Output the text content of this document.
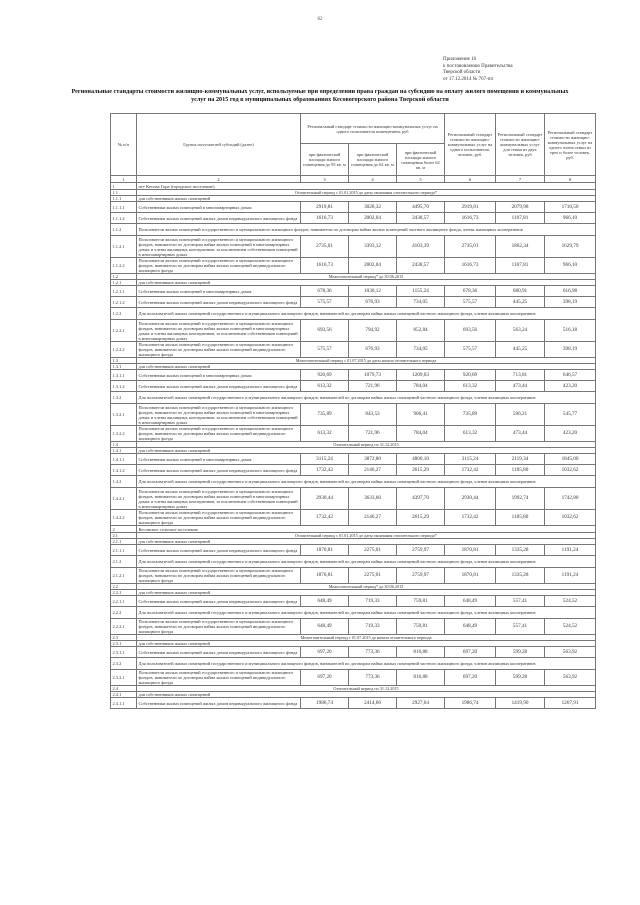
62
Приложение 16
к постановлению Правительства
Тверской области
от 17.12.2014 № 767-пп
Региональные стандарты стоимости жилищно-коммунальных услуг, используемые при определении права граждан на субсидию на оплату жилого помещения и коммунальных услуг на 2015 год в муниципальных образованиях Кесовогорского района Тверской области
№ п/п	Группа получателей субсидий (далее)	Региональный стандарт стоимости жилищно-коммунальных услуг на одного пользователя помещением, руб			Региональный стандарт стоимости жилищно-коммунальных услуг на одного пользователя, человек, руб.	Региональный стандарт стоимости жилищно-коммунальных услуг для семьи из двух человек, руб	Региональный стандарт стоимости жилищно-коммунальных услуг на одного члена семьи из трех и более человек, руб.
		при фактической площади жилого помещения до 95 кв. м	при фактической площади жилого помещения до 62 кв. м	при фактической площади жилого помещения более 62 кв. м			
1	2	3	4	5	6	7	8
1	пгт Кесова Гора (городское поселение)						
1.1	Отопительный период с 01.01.2015 до даты окончания отопительного периода*						
1.1.1	для собственников жилых помещений						
1.1.1.1	Собственники жилых помещений в многоквартирных домах	2919,81	3028,32	4495,70	2919,81	2079,98	1710,50
1.1.1.2	Собственники жилых помещений жилых домов индивидуального жилищного фонда	1616,73	2002,04	2438,57	1616,73	1107,81	966,10
1.1.2	Пользователи жилых помещений государственного и муниципального жилищного фондов, наниматели по договорам найма жилых помещений частного жилищного фонда, члены жилищных кооперативов						
1.1.2.1	Пользователи жилых помещений государственного и муниципального жилищного фондов, наниматели по договорам найма жилых помещений в многоквартирных домах и члены жилищных кооперативов, за исключением собственников помещений в многоквартирных домах	2735,01	3393,12	4103,39	2735,01	1862,34	1629,79
1.1.2.2	Пользователи жилых помещений государственного и муниципального жилищного фондов, наниматели по договорам найма жилых помещений индивидуального жилищного фонда	1616,73	2002,04	2438,57	1616,73	1107,81	966,10
1.2	Межотопительный период* до 30.06.2015						
1.2.1	для собственников жилых помещений						
1.2.1.1	Собственники жилых помещений в многоквартирных домах	678,36	1030,12	1155,24	678,36	680,91	616,98
1.2.1.2	Собственники жилых помещений жилых домов индивидуального жилищного фонда	575,57	676,93	734,05	575,57	445,25	398,19
1.2.2	Для пользователей жилых помещений государственного и муниципального жилищного фондов, нанимателей по договорам найма жилых помещений частного жилищного фонда, членов жилищных кооперативов						
1.2.2.1	Пользователи жилых помещений государственного и муниципального жилищного фондов, наниматели по договорам найма жилых помещений в многоквартирных домах и члены жилищных кооперативов, за исключением собственников помещений в многоквартирных домах	693,56	794,92	852,84	693,56	563,24	516,18
1.2.2.2	Пользователи жилых помещений государственного и муниципального жилищного фондов, наниматели по договорам найма жилых помещений индивидуального жилищного фонда	575,57	676,93	734,05	575,57	445,25	398,19
1.3	Межотопительный период с 01.07.2015 до даты начала отопительного периода						
1.3.1	для собственников жилых помещений						
1.3.1.1	Собственники жилых помещений в многоквартирных домах	920,69	1079,73	1209,03	920,69	713,81	646,57
1.3.1.2	Собственники жилых помещений жилых домов индивидуального жилищного фонда	613,32	721,96	784,04	613,32	473,44	423,20
1.3.2	Для пользователей жилых помещений государственного и муниципального жилищного фондов, нанимателей по договорам найма жилых помещений частного жилищного фонда, членов жилищных кооперативов						
1.3.2.1	Пользователи жилых помещений государственного и муниципального жилищного фондов, наниматели по договорам найма жилых помещений в многоквартирных домах и члены жилищных кооперативов, за исключением собственников помещений в многоквартирных домах	735,89	843,53	906,41	735,89	596,21	545,77
1.3.2.2	Пользователи жилых помещений государственного и муниципального жилищного фондов, наниматели по договорам найма жилых помещений индивидуального жилищного фонда	613,32	721,96	784,04	613,32	473,44	423,20
1.4	Отопительный период по 31.12.2015						
1.4.1	для собственников жилых помещений						
1.4.1.1	Собственники жилых помещений в многоквартирных домах	3115,24	3872,80	4800,10	3115,24	2119,34	1845,00
1.4.1.2	Собственники жилых помещений жилых домов индивидуального жилищного фонда	1732,42	2146,27	2615,29	1732,42	1185,80	1032,62
1.4.2	Для пользователей жилых помещений государственного и муниципального жилищного фондов, нанимателей по договорам найма жилых помещений частного жилищного фонда, членов жилищных кооперативов						
1.4.2.1	Пользователи жилых помещений государственного и муниципального жилищного фондов, наниматели по договорам найма жилых помещений в многоквартирных домах и члены жилищных кооперативов, за исключением собственников помещений в многоквартирных домах	2930,44	3633,60	4397,70	2930,44	1992,74	1742,80
1.4.2.2	Пользователи жилых помещений государственного и муниципального жилищного фондов, наниматели по договорам найма жилых помещений индивидуального жилищного фонда	1732,42	2146,27	2615,29	1732,42	1185,80	1032,62
2	Кесовское сельское поселение						
2.1	Отопительный период с 01.01.2015 до даты окончания отопительного периода*						
2.1.1	для собственников жилых помещений						
2.1.1.1	Собственники жилых помещений жилых домов индивидуального жилищного фонда	1870,81	2275,01	2759,97	1870,81	1335,28	1191,24
2.1.2	Для пользователей жилых помещений государственного и муниципального жилищного фондов, нанимателей по договорам найма жилых помещений частного жилищного фонда, членов жилищных кооперативов						
2.1.2.1	Пользователи жилых помещений государственного и муниципального жилищного фондов, наниматели по договорам найма жилых помещений индивидуального жилищного фонда	1870,81	2275,01	2759,97	1870,81	1335,28	1191,24
2.2	Межотопительный период* до 30.06.2015						
2.2.1	для собственников жилых помещений						
2.2.1.1	Собственники жилых помещений жилых домов индивидуального жилищного фонда	648,49	719,33	759,81	648,49	557,41	524,52
2.2.2	Для пользователей жилых помещений государственного и муниципального жилищного фондов, нанимателей по договорам найма жилых помещений частного жилищного фонда, членов жилищных кооперативов						
2.2.2.1	Пользователи жилых помещений государственного и муниципального жилищного фондов, наниматели по договорам найма жилых помещений индивидуального жилищного фонда	648,49	719,33	759,81	648,49	557,41	524,52
2.3	Межотопительный период с 01.07.2015 до начала отопительного периода						
2.3.1	для собственников жилых помещений						
2.3.1.1	Собственники жилых помещений жилых домов индивидуального жилищного фонда	697,20	773,36	816,88	697,20	599,28	563,92
2.3.2	Для пользователей жилых помещений государственного и муниципального жилищного фондов, нанимателей по договорам найма жилых помещений частного жилищного фонда, членов жилищных кооперативов						
2.3.2.1	Пользователи жилых помещений государственного и муниципального жилищного фондов, наниматели по договорам найма жилых помещений индивидуального жилищного фонда	697,20	773,36	816,88	697,20	599,28	563,92
2.4	Отопительный период по 31.12.2015						
2.4.1	для собственников жилых помещений						
2.4.1.1	Собственники жилых помещений жилых домов индивидуального жилищного фонда	1986,74	2414,66	2927,04	1986,74	1419,90	1267,91
